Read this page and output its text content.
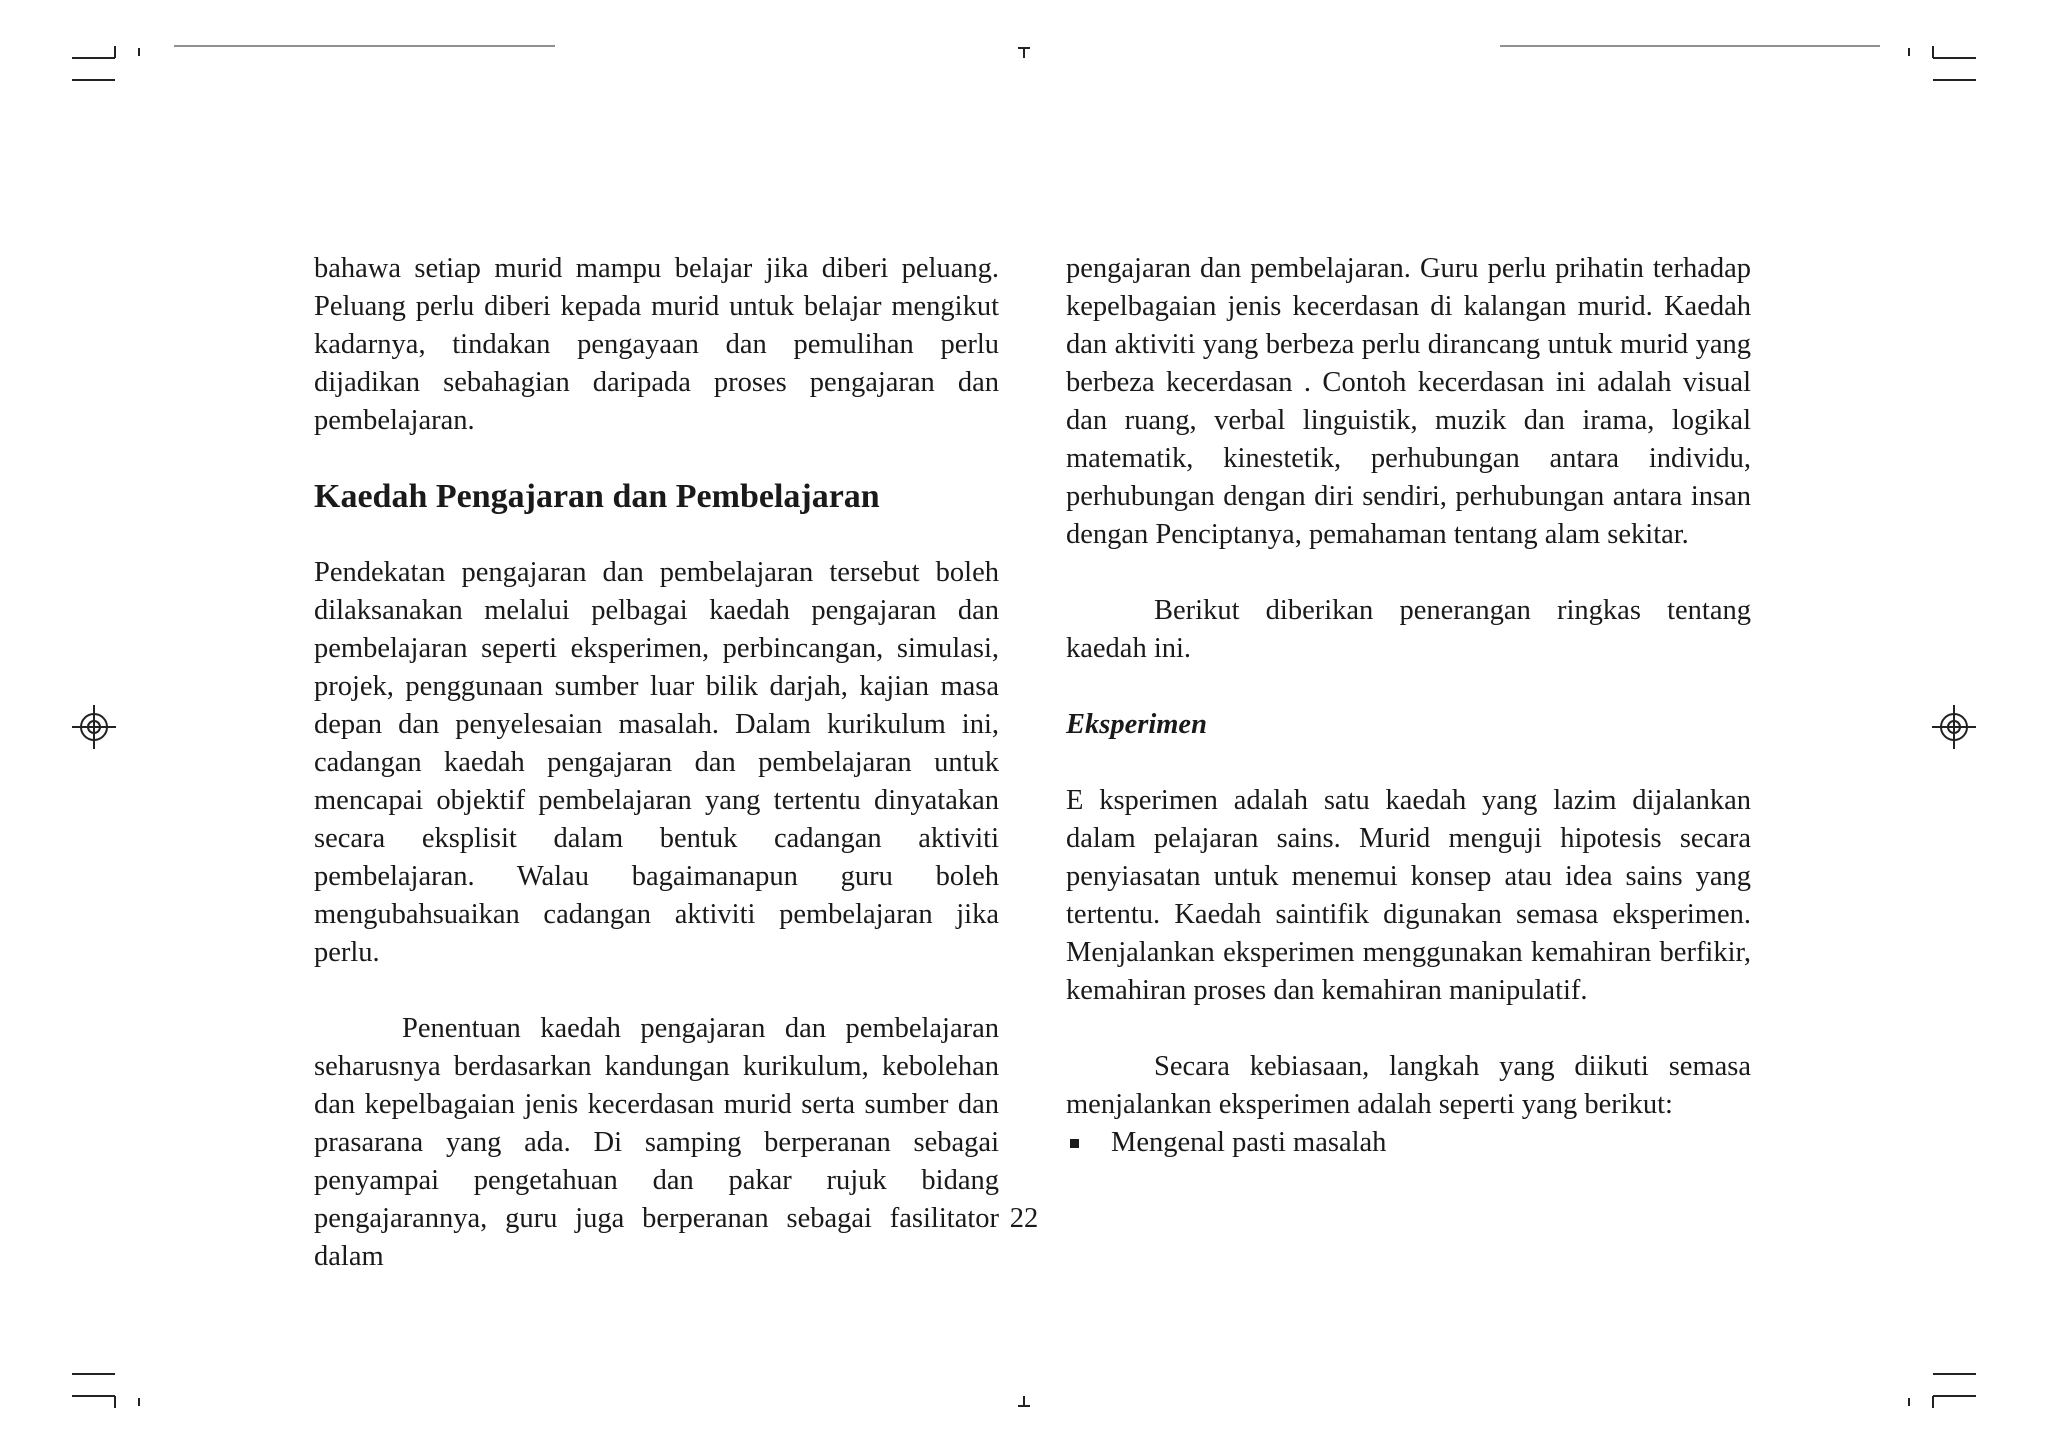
bahawa setiap murid mampu belajar jika diberi peluang. Peluang perlu diberi kepada murid untuk belajar mengikut kadarnya, tindakan pengayaan dan pemulihan perlu dijadikan sebahagian daripada proses pengajaran dan pembelajaran.

Kaedah Pengajaran dan Pembelajaran

Pendekatan pengajaran dan pembelajaran tersebut boleh dilaksanakan melalui pelbagai kaedah pengajaran dan pembelajaran seperti eksperimen, perbincangan, simulasi, projek, penggunaan sumber luar bilik darjah, kajian masa depan dan penyelesaian masalah. Dalam kurikulum ini, cadangan kaedah pengajaran dan pembelajaran untuk mencapai objektif pembelajaran yang tertentu dinyatakan secara eksplisit dalam bentuk cadangan aktiviti pembelajaran. Walau bagaimanapun guru boleh mengubahsuaikan cadangan aktiviti pembelajaran jika perlu.

Penentuan kaedah pengajaran dan pembelajaran seharusnya berdasarkan kandungan kurikulum, kebolehan dan kepelbagaian jenis kecerdasan murid serta sumber dan prasarana yang ada. Di samping berperanan sebagai penyampai pengetahuan dan pakar rujuk bidang pengajarannya, guru juga berperanan sebagai fasilitator dalam

pengajaran dan pembelajaran. Guru perlu prihatin terhadap kepelbagaian jenis kecerdasan di kalangan murid. Kaedah dan aktiviti yang berbeza perlu dirancang untuk murid yang berbeza kecerdasan . Contoh kecerdasan ini adalah visual dan ruang, verbal linguistik, muzik dan irama, logikal matematik, kinestetik, perhubungan antara individu, perhubungan dengan diri sendiri, perhubungan antara insan dengan Penciptanya, pemahaman tentang alam sekitar.

Berikut diberikan penerangan ringkas tentang kaedah ini.

Eksperimen

E ksperimen adalah satu kaedah yang lazim dijalankan dalam pelajaran sains. Murid menguji hipotesis secara penyiasatan untuk menemui konsep atau idea sains yang tertentu. Kaedah saintifik digunakan semasa eksperimen. Menjalankan eksperimen menggunakan kemahiran berfikir, kemahiran proses dan kemahiran manipulatif.

Secara kebiasaan, langkah yang diikuti semasa menjalankan eksperimen adalah seperti yang berikut:

Mengenal pasti masalah
22
